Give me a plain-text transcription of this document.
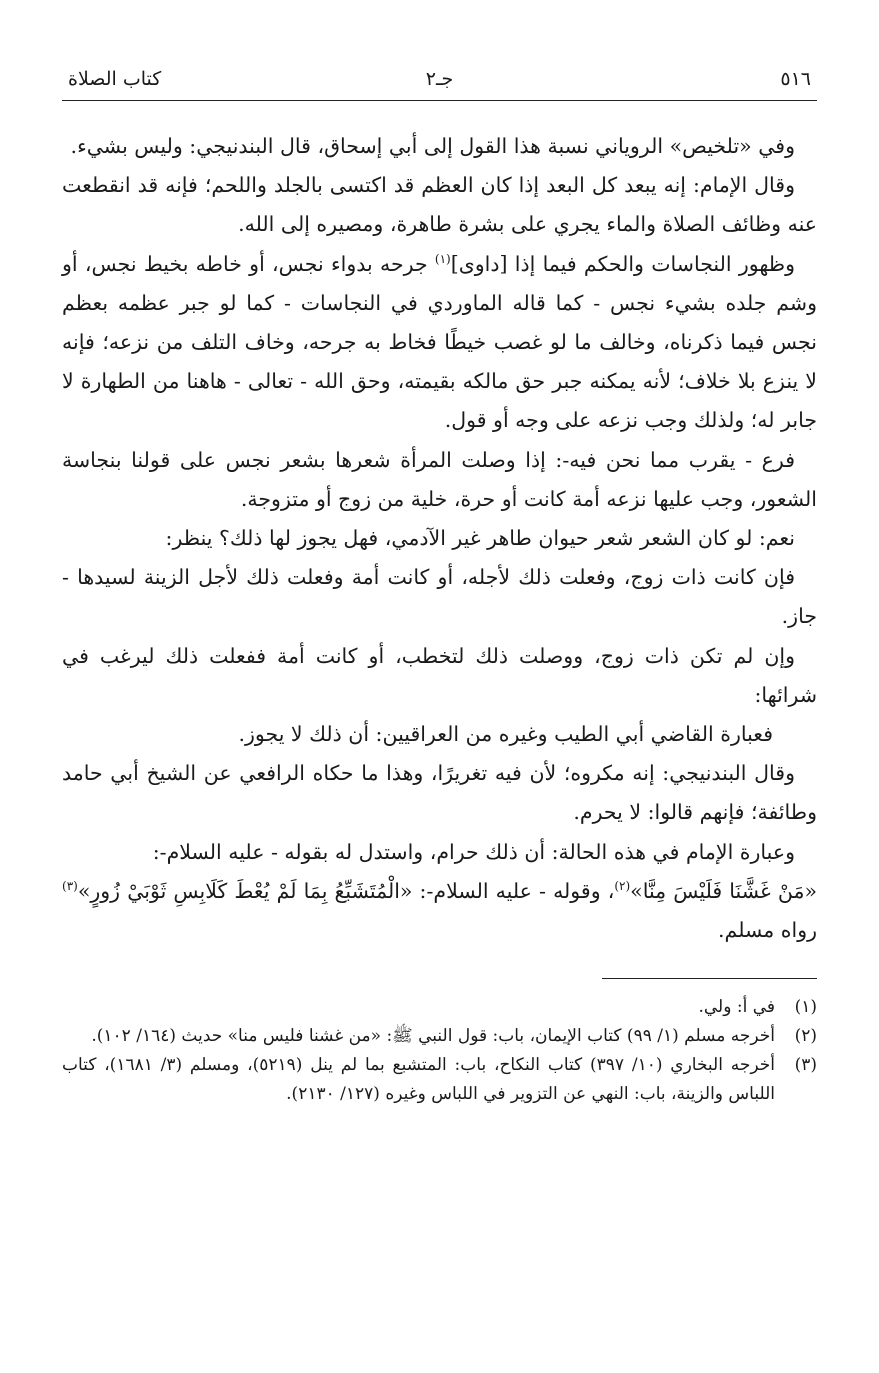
٥١٦
جـ٢
كتاب الصلاة

وفي «تلخيص» الروياني نسبة هذا القول إلى أبي إسحاق، قال البندنيجي: وليس بشيء.

وقال الإمام: إنه يبعد كل البعد إذا كان العظم قد اكتسى بالجلد واللحم؛ فإنه قد انقطعت عنه وظائف الصلاة والماء يجري على بشرة طاهرة، ومصيره إلى الله.

وظهور النجاسات والحكم فيما إذا [داوى]$^{(١)}$ جرحه بدواء نجس، أو خاطه بخيط نجس، أو وشم جلده بشيء نجس - كما قاله الماوردي في النجاسات - كما لو جبر عظمه بعظم نجس فيما ذكرناه، وخالف ما لو غصب خيطًا فخاط به جرحه، وخاف التلف من نزعه؛ فإنه لا ينزع بلا خلاف؛ لأنه يمكنه جبر حق مالكه بقيمته، وحق الله - تعالى - هاهنا من الطهارة لا جابر له؛ ولذلك وجب نزعه على وجه أو قول.

فرع - يقرب مما نحن فيه-: إذا وصلت المرأة شعرها بشعر نجس على قولنا بنجاسة الشعور، وجب عليها نزعه أمة كانت أو حرة، خلية من زوج أو متزوجة.

نعم: لو كان الشعر شعر حيوان طاهر غير الآدمي، فهل يجوز لها ذلك؟ ينظر:

فإن كانت ذات زوج، وفعلت ذلك لأجله، أو كانت أمة وفعلت ذلك لأجل الزينة لسيدها - جاز.

وإن لم تكن ذات زوج، ووصلت ذلك لتخطب، أو كانت أمة ففعلت ذلك ليرغب في شرائها:

فعبارة القاضي أبي الطيب وغيره من العراقيين: أن ذلك لا يجوز.

وقال البندنيجي: إنه مكروه؛ لأن فيه تغريرًا، وهذا ما حكاه الرافعي عن الشيخ أبي حامد وطائفة؛ فإنهم قالوا: لا يحرم.

وعبارة الإمام في هذه الحالة: أن ذلك حرام، واستدل له بقوله - عليه السلام-:

«مَنْ غَشَّنَا فَلَيْسَ مِنَّا»$^{(٢)}$، وقوله - عليه السلام-: «الْمُتَشَبِّعُ بِمَا لَمْ يُعْطَ كَلَابِسِ ثَوْبَيْ زُورٍ»$^{(٣)}$ رواه مسلم.

(١)
في أ: ولي.
(٢)
أخرجه مسلم (١/ ٩٩) كتاب الإيمان، باب: قول النبي ﷺ: «من غشنا فليس منا» حديث (١٦٤/ ١٠٢).
(٣)
أخرجه البخاري (١٠/ ٣٩٧) كتاب النكاح، باب: المتشبع بما لم ينل (٥٢١٩)، ومسلم (٣/ ١٦٨١)، كتاب اللباس والزينة، باب: النهي عن التزوير في اللباس وغيره (١٢٧/ ٢١٣٠).
